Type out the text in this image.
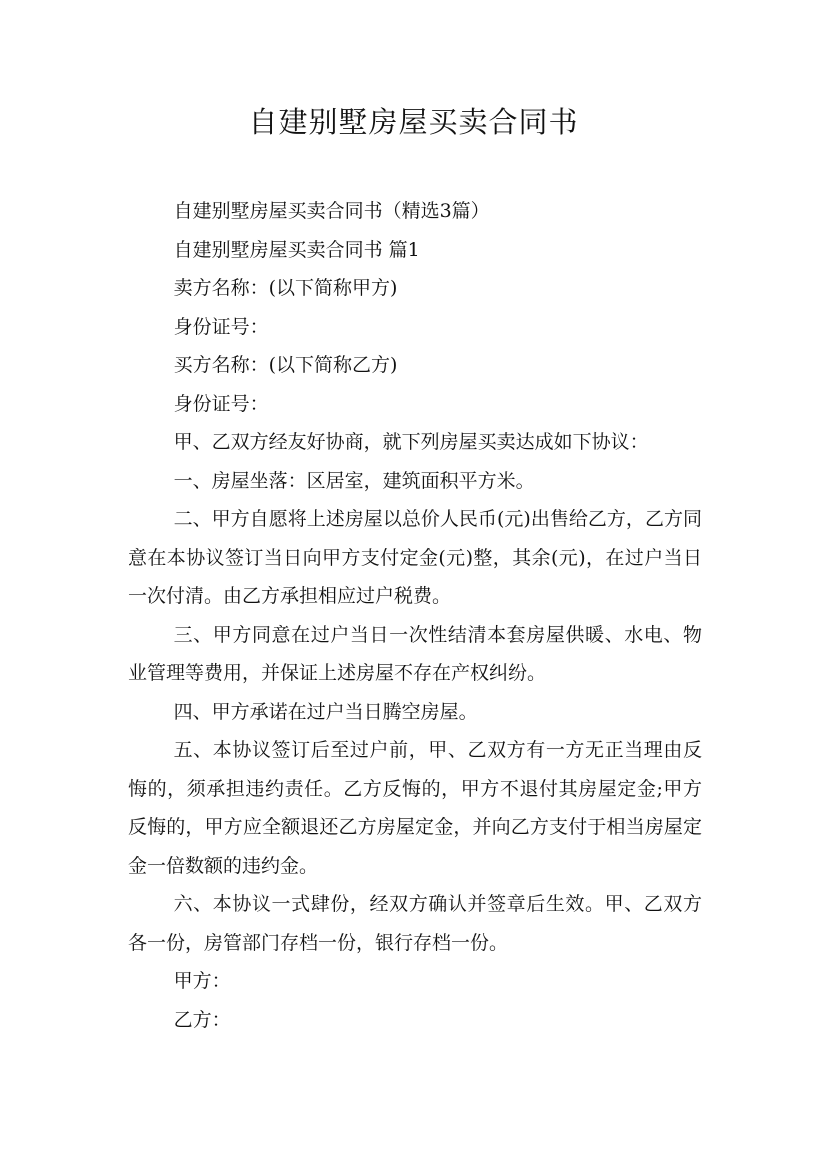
自建别墅房屋买卖合同书

自建别墅房屋买卖合同书（精选3篇）

自建别墅房屋买卖合同书 篇1

卖方名称：(以下简称甲方)

身份证号：

买方名称：(以下简称乙方)

身份证号：

甲、乙双方经友好协商，就下列房屋买卖达成如下协议：

一、房屋坐落：区居室，建筑面积平方米。

二、甲方自愿将上述房屋以总价人民币(元)出售给乙方，乙方同意在本协议签订当日向甲方支付定金(元)整，其余(元)，在过户当日一次付清。由乙方承担相应过户税费。

三、甲方同意在过户当日一次性结清本套房屋供暖、水电、物业管理等费用，并保证上述房屋不存在产权纠纷。

四、甲方承诺在过户当日腾空房屋。

五、本协议签订后至过户前，甲、乙双方有一方无正当理由反悔的，须承担违约责任。乙方反悔的，甲方不退付其房屋定金;甲方反悔的，甲方应全额退还乙方房屋定金，并向乙方支付于相当房屋定金一倍数额的违约金。

六、本协议一式肆份，经双方确认并签章后生效。甲、乙双方各一份，房管部门存档一份，银行存档一份。

甲方：

乙方：
